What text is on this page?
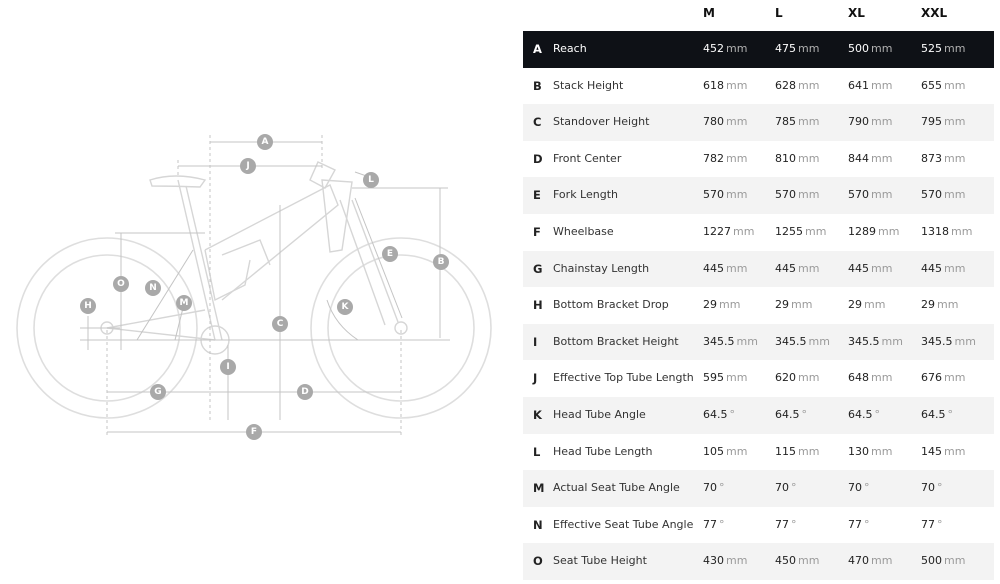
A
J
L
E
B
O	N
M
H
C
K
I
G	D
F
M	L	XL	XXL
A Reach	452 mm	475 mm	500 mm	525 mm
B Stack Height	618 mm	628 mm	641 mm	655 mm
C Standover Height	780 mm	785 mm	790 mm	795 mm
D Front Center	782 mm	810 mm	844 mm	873 mm
E Fork Length	570 mm	570 mm	570 mm	570 mm
F Wheelbase	1227 mm 1255 mm 1289 mm 1318 mm
G Chainstay Length	445 mm	445 mm	445 mm	445 mm
H Bottom Bracket Drop	29 mm	29 mm	29 mm	29 mm
I Bottom Bracket Height 345.5 mm 345.5 mm 345.5 mm 345.5 mm
J Effective Top Tube Length 595 mm	620 mm	648 mm	676 mm
K Head Tube Angle	64.5 °	64.5 °	64.5 °	64.5 °
L Head Tube Length	105 mm	115 mm	130 mm	145 mm
M Actual Seat Tube Angle 70 °	70 °	70 °	70 °
N Effective Seat Tube Angle 77 °	77 °	77 °	77 °
O Seat Tube Height	430 mm	450 mm	470 mm	500 mm
